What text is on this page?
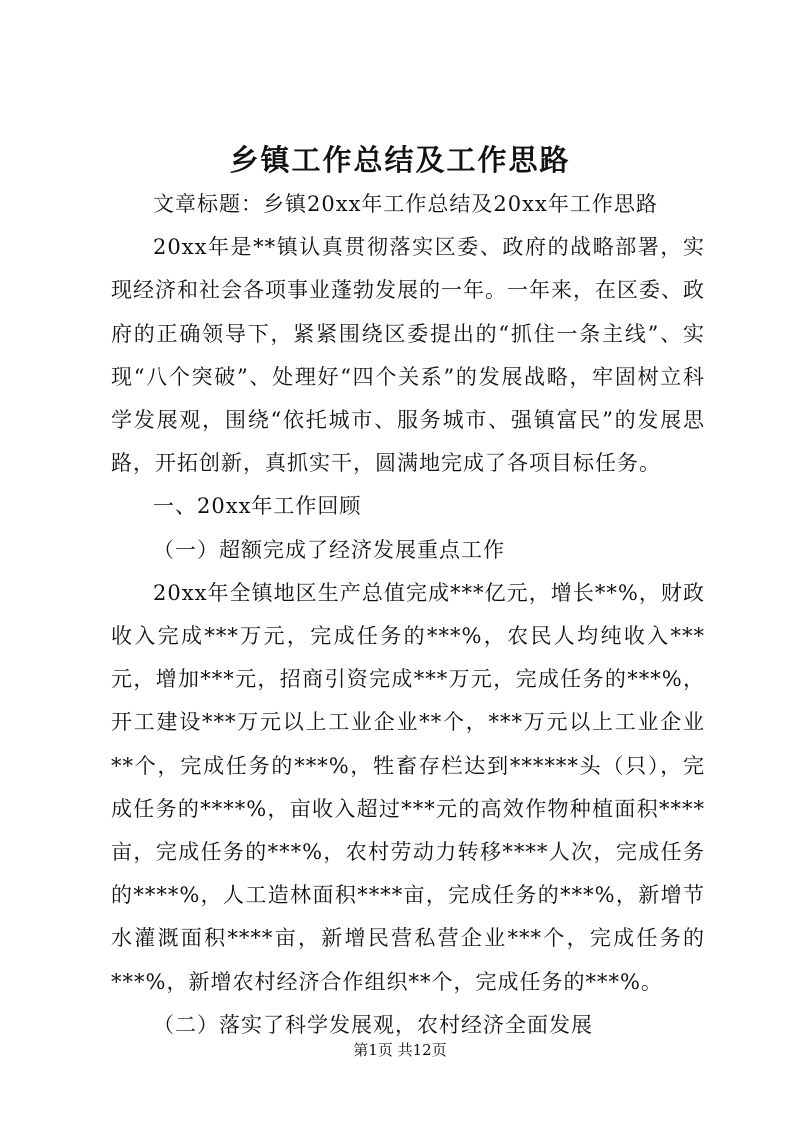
乡镇工作总结及工作思路

文章标题：乡镇20xx年工作总结及20xx年工作思路

20xx年是**镇认真贯彻落实区委、政府的战略部署，实现经济和社会各项事业蓬勃发展的一年。一年来，在区委、政府的正确领导下，紧紧围绕区委提出的“抓住一条主线”、实现“八个突破”、处理好“四个关系”的发展战略，牢固树立科学发展观，围绕“依托城市、服务城市、强镇富民”的发展思路，开拓创新，真抓实干，圆满地完成了各项目标任务。

一、20xx年工作回顾

（一）超额完成了经济发展重点工作

20xx年全镇地区生产总值完成***亿元，增长**%，财政收入完成***万元，完成任务的***%，农民人均纯收入***元，增加***元，招商引资完成***万元，完成任务的***%，开工建设***万元以上工业企业**个，***万元以上工业企业**个，完成任务的***%，牲畜存栏达到******头（只），完成任务的****%，亩收入超过***元的高效作物种植面积****亩，完成任务的***%，农村劳动力转移****人次，完成任务的****%，人工造林面积****亩，完成任务的***%，新增节水灌溉面积****亩，新增民营私营企业***个，完成任务的***%，新增农村经济合作组织**个，完成任务的***%。

（二）落实了科学发展观，农村经济全面发展

第1页 共12页
